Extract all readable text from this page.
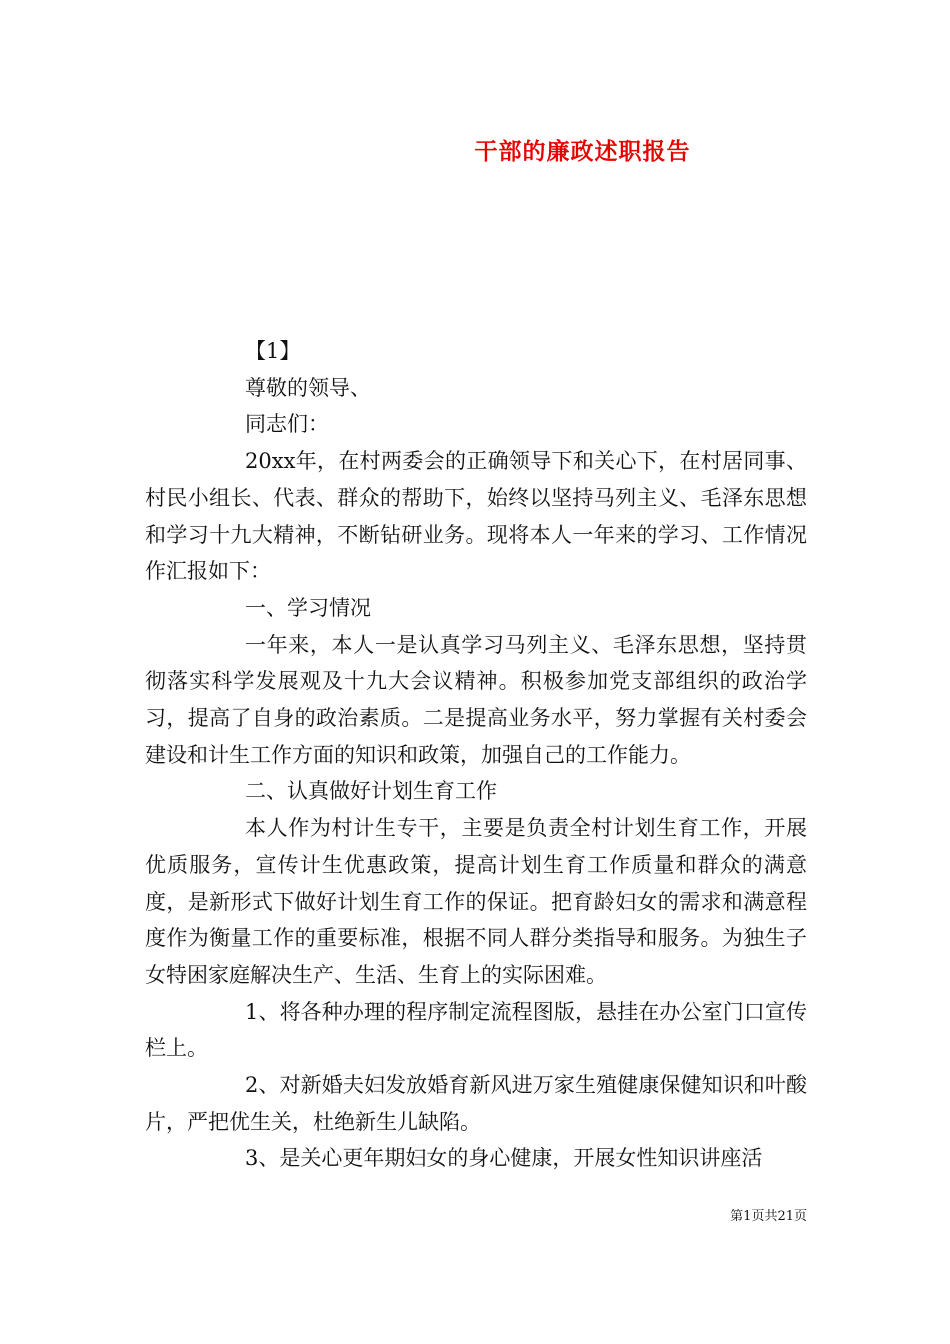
干部的廉政述职报告

【1】

尊敬的领导、

同志们：

20xx年，在村两委会的正确领导下和关心下，在村居同事、村民小组长、代表、群众的帮助下，始终以坚持马列主义、毛泽东思想和学习十九大精神，不断钻研业务。现将本人一年来的学习、工作情况作汇报如下：

一、学习情况

一年来，本人一是认真学习马列主义、毛泽东思想，坚持贯彻落实科学发展观及十九大会议精神。积极参加党支部组织的政治学习，提高了自身的政治素质。二是提高业务水平，努力掌握有关村委会建设和计生工作方面的知识和政策，加强自己的工作能力。

二、认真做好计划生育工作

本人作为村计生专干，主要是负责全村计划生育工作，开展优质服务，宣传计生优惠政策，提高计划生育工作质量和群众的满意度，是新形式下做好计划生育工作的保证。把育龄妇女的需求和满意程度作为衡量工作的重要标准，根据不同人群分类指导和服务。为独生子女特困家庭解决生产、生活、生育上的实际困难。

1、将各种办理的程序制定流程图版，悬挂在办公室门口宣传栏上。

2、对新婚夫妇发放婚育新风进万家生殖健康保健知识和叶酸片，严把优生关，杜绝新生儿缺陷。

3、是关心更年期妇女的身心健康，开展女性知识讲座活

第1页共21页
